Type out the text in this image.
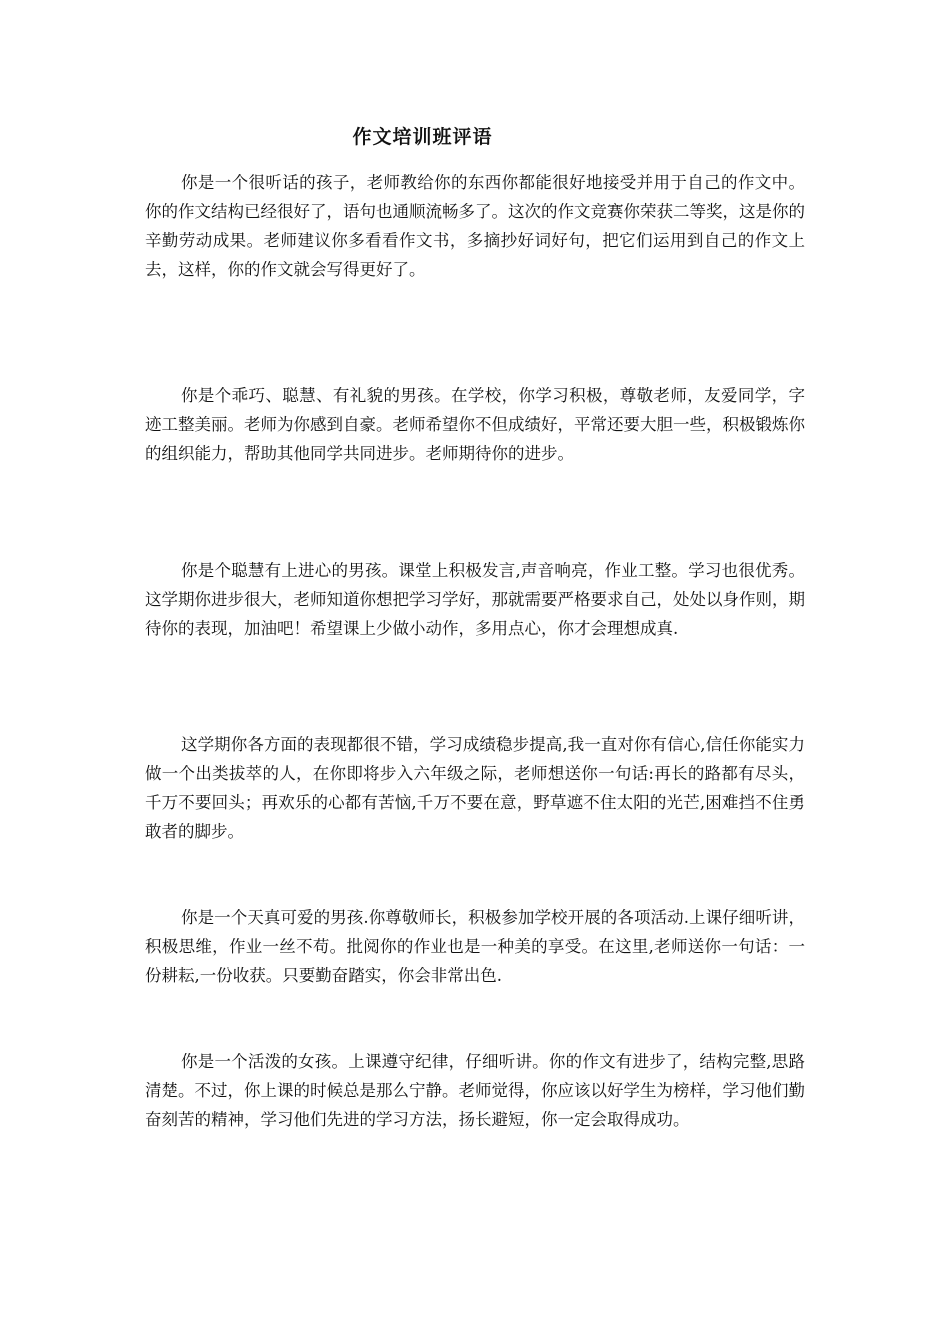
作文培训班评语

你是一个很听话的孩子，老师教给你的东西你都能很好地接受并用于自己的作文中。你的作文结构已经很好了，语句也通顺流畅多了。这次的作文竞赛你荣获二等奖，这是你的辛勤劳动成果。老师建议你多看看作文书，多摘抄好词好句，把它们运用到自己的作文上去，这样，你的作文就会写得更好了。

你是个乖巧、聪慧、有礼貌的男孩。在学校，你学习积极，尊敬老师，友爱同学，字迹工整美丽。老师为你感到自豪。老师希望你不但成绩好，平常还要大胆一些，积极锻炼你的组织能力，帮助其他同学共同进步。老师期待你的进步。

你是个聪慧有上进心的男孩。课堂上积极发言,声音响亮，作业工整。学习也很优秀。这学期你进步很大，老师知道你想把学习学好，那就需要严格要求自己，处处以身作则，期待你的表现，加油吧！希望课上少做小动作，多用点心，你才会理想成真.

这学期你各方面的表现都很不错，学习成绩稳步提高,我一直对你有信心,信任你能实力做一个出类拔萃的人，在你即将步入六年级之际，老师想送你一句话:再长的路都有尽头，千万不要回头；再欢乐的心都有苦恼,千万不要在意，野草遮不住太阳的光芒,困难挡不住勇敢者的脚步。

你是一个天真可爱的男孩.你尊敬师长，积极参加学校开展的各项活动.上课仔细听讲，积极思维，作业一丝不苟。批阅你的作业也是一种美的享受。在这里,老师送你一句话：一份耕耘,一份收获。只要勤奋踏实，你会非常出色.

你是一个活泼的女孩。上课遵守纪律，仔细听讲。你的作文有进步了，结构完整,思路清楚。不过，你上课的时候总是那么宁静。老师觉得，你应该以好学生为榜样，学习他们勤奋刻苦的精神，学习他们先进的学习方法，扬长避短，你一定会取得成功。
